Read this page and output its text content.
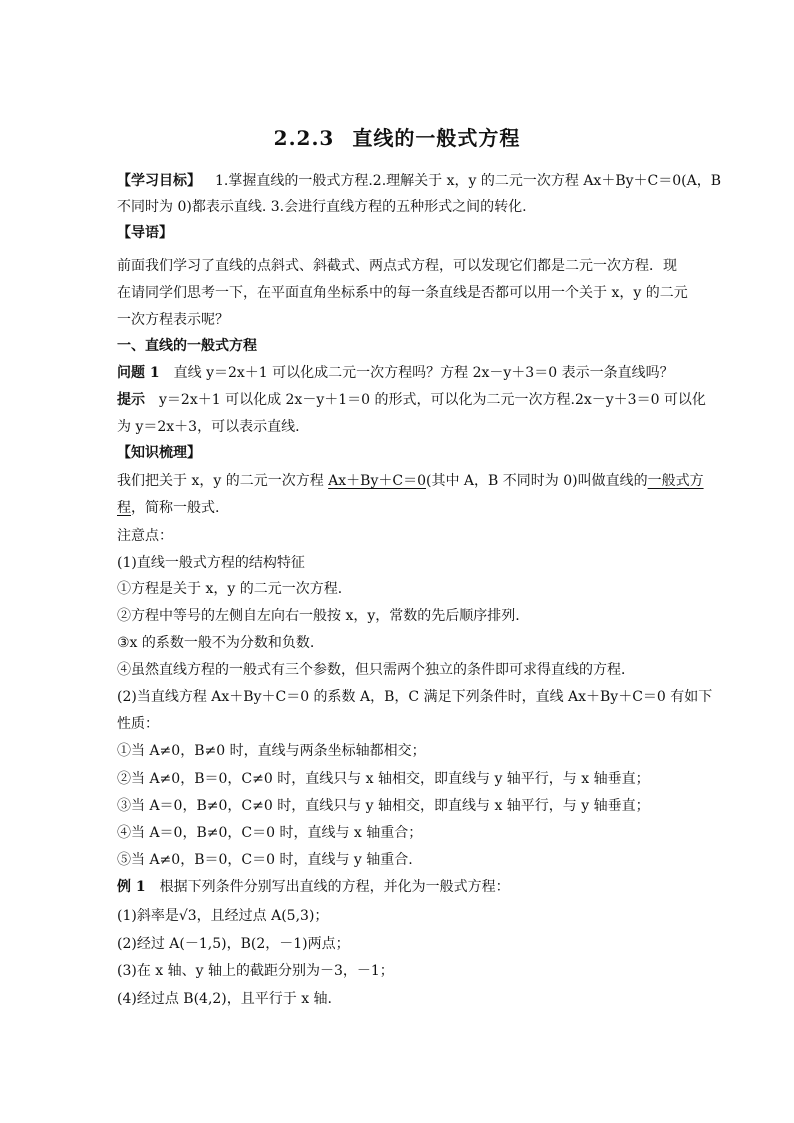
2.2.3 直线的一般式方程
【学习目标】 1.掌握直线的一般式方程.2.理解关于 x，y 的二元一次方程 Ax＋By＋C＝0(A，B
不同时为 0)都表示直线. 3.会进行直线方程的五种形式之间的转化.
【导语】
前面我们学习了直线的点斜式、斜截式、两点式方程，可以发现它们都是二元一次方程．现
在请同学们思考一下，在平面直角坐标系中的每一条直线是否都可以用一个关于 x，y 的二元
一次方程表示呢？
一、直线的一般式方程
问题 1 直线 y＝2x＋1 可以化成二元一次方程吗？方程 2x－y＋3＝0 表示一条直线吗？
提示 y＝2x＋1 可以化成 2x－y＋1＝0 的形式，可以化为二元一次方程.2x－y＋3＝0 可以化
为 y＝2x＋3，可以表示直线.
【知识梳理】
我们把关于 x，y 的二元一次方程 Ax＋By＋C＝0(其中 A，B 不同时为 0)叫做直线的一般式方
程，简称一般式.
注意点：
(1)直线一般式方程的结构特征
①方程是关于 x，y 的二元一次方程．
②方程中等号的左侧自左向右一般按 x，y，常数的先后顺序排列.
③x 的系数一般不为分数和负数.
④虽然直线方程的一般式有三个参数，但只需两个独立的条件即可求得直线的方程．
(2)当直线方程 Ax＋By＋C＝0 的系数 A，B，C 满足下列条件时，直线 Ax＋By＋C＝0 有如下
性质：
①当 A≠0，B≠0 时，直线与两条坐标轴都相交；
②当 A≠0，B＝0，C≠0 时，直线只与 x 轴相交，即直线与 y 轴平行，与 x 轴垂直；
③当 A＝0，B≠0，C≠0 时，直线只与 y 轴相交，即直线与 x 轴平行，与 y 轴垂直；
④当 A＝0，B≠0，C＝0 时，直线与 x 轴重合；
⑤当 A≠0，B＝0，C＝0 时，直线与 y 轴重合.
例 1 根据下列条件分别写出直线的方程，并化为一般式方程：
(1)斜率是√3，且经过点 A(5,3)；
(2)经过 A(－1,5)，B(2，－1)两点；
(3)在 x 轴、y 轴上的截距分别为－3，－1；
(4)经过点 B(4,2)，且平行于 x 轴.
